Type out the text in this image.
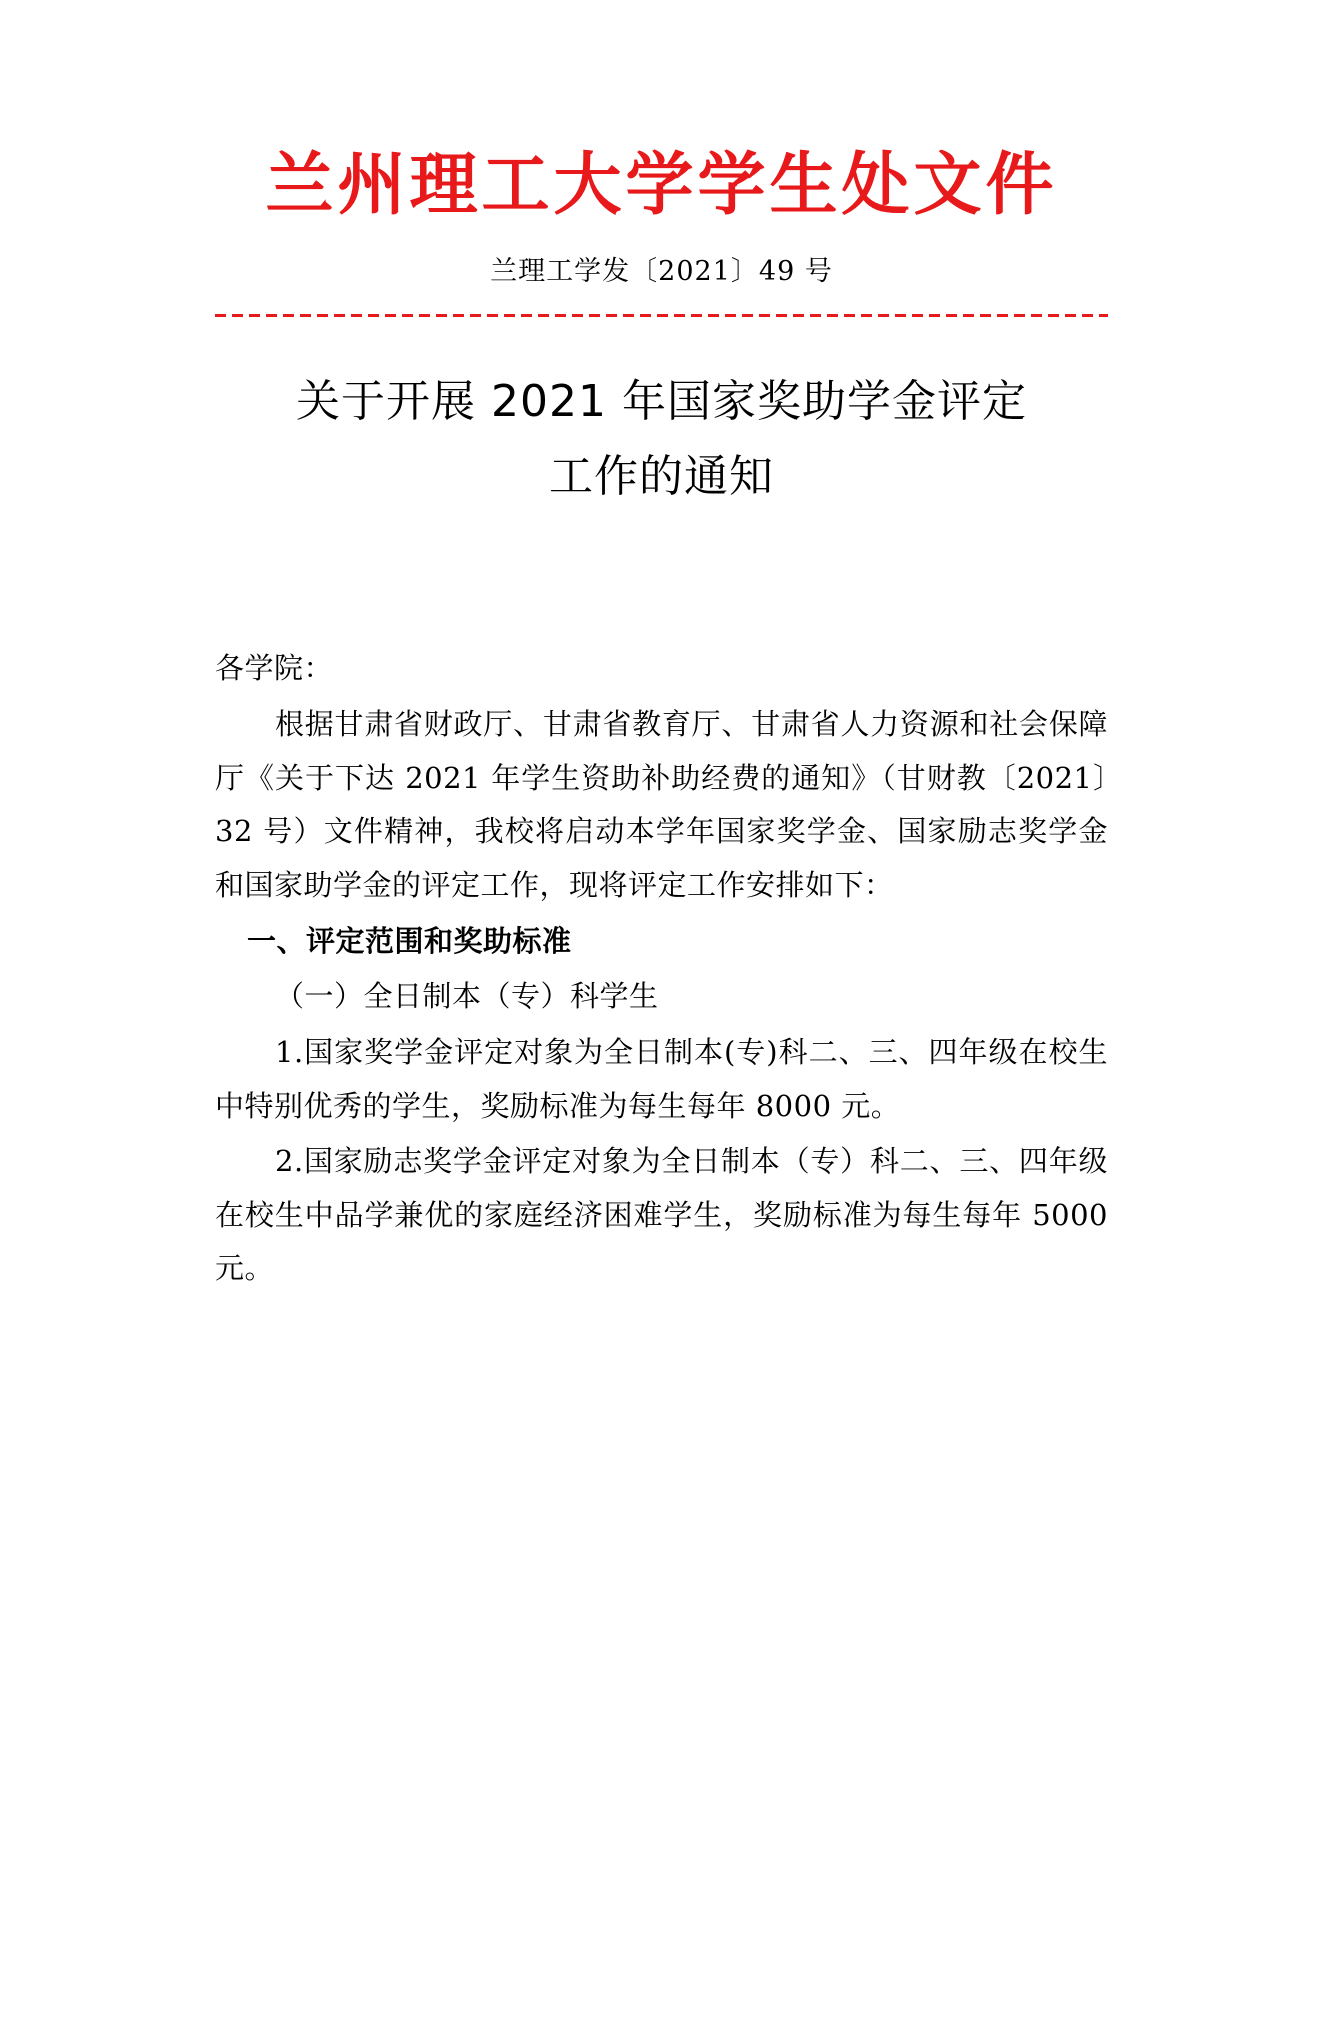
兰州理工大学学生处文件
兰理工学发〔2021〕49 号
关于开展 2021 年国家奖助学金评定
工作的通知

各学院：

根据甘肃省财政厅、甘肃省教育厅、甘肃省人力资源和社会保障厅《关于下达 2021 年学生资助补助经费的通知》（甘财教〔2021〕32 号）文件精神，我校将启动本学年国家奖学金、国家励志奖学金和国家助学金的评定工作，现将评定工作安排如下：

一、评定范围和奖助标准

（一）全日制本（专）科学生

1.国家奖学金评定对象为全日制本(专)科二、三、四年级在校生中特别优秀的学生，奖励标准为每生每年 8000 元。

2.国家励志奖学金评定对象为全日制本（专）科二、三、四年级在校生中品学兼优的家庭经济困难学生，奖励标准为每生每年 5000 元。
